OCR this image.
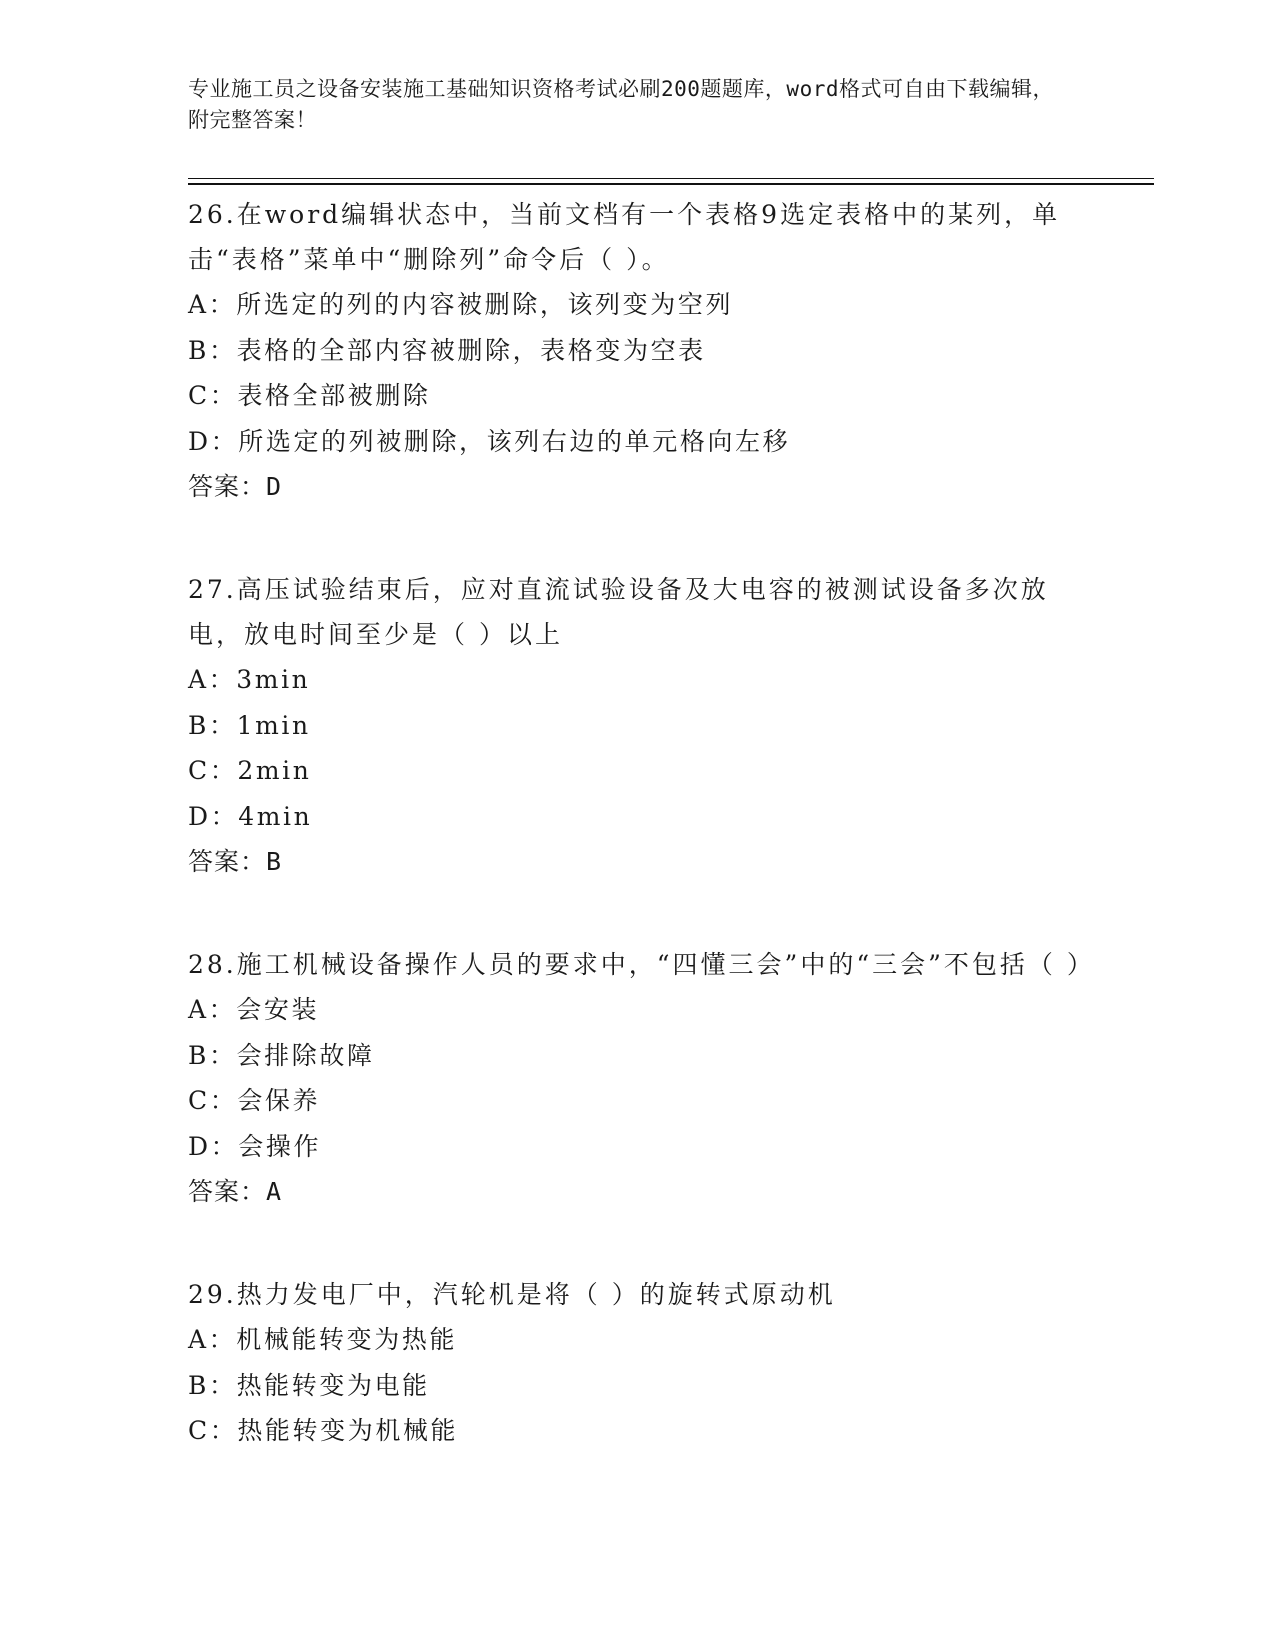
专业施工员之设备安装施工基础知识资格考试必刷200题题库，word格式可自由下载编辑，附完整答案！
26.在word编辑状态中，当前文档有一个表格9选定表格中的某列，单击“表格”菜单中“删除列”命令后（ ）。
A：所选定的列的内容被删除，该列变为空列
B：表格的全部内容被删除，表格变为空表
C：表格全部被删除
D：所选定的列被删除，该列右边的单元格向左移
答案：D
27.高压试验结束后，应对直流试验设备及大电容的被测试设备多次放电，放电时间至少是（ ）以上
A：3min
B：1min
C：2min
D：4min
答案：B
28.施工机械设备操作人员的要求中，“四懂三会”中的“三会”不包括（ ）
A：会安装
B：会排除故障
C：会保养
D：会操作
答案：A
29.热力发电厂中，汽轮机是将（ ）的旋转式原动机
A：机械能转变为热能
B：热能转变为电能
C：热能转变为机械能
